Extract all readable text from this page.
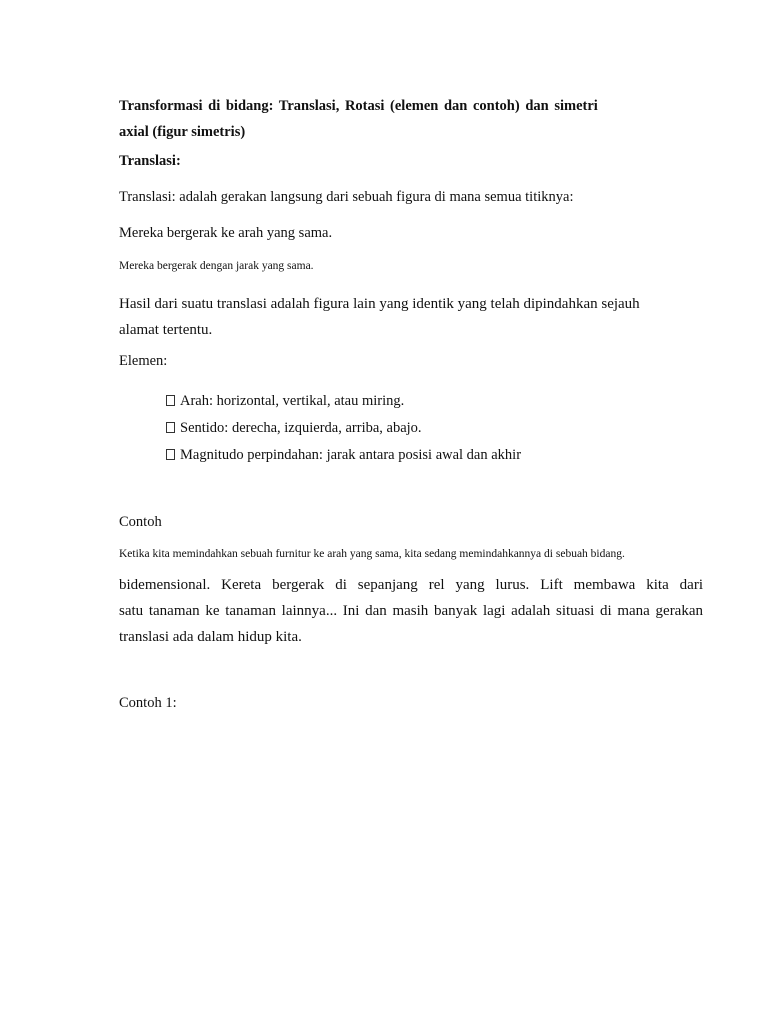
Transformasi di bidang: Translasi, Rotasi (elemen dan contoh) dan simetri
axial (figur simetris)
Translasi:
Translasi: adalah gerakan langsung dari sebuah figura di mana semua titiknya:
Mereka bergerak ke arah yang sama.
Mereka bergerak dengan jarak yang sama.
Hasil dari suatu translasi adalah figura lain yang identik yang telah dipindahkan sejauh
alamat tertentu.
Elemen:
Arah: horizontal, vertikal, atau miring.
Sentido: derecha, izquierda, arriba, abajo.
Magnitudo perpindahan: jarak antara posisi awal dan akhir
Contoh
Ketika kita memindahkan sebuah furnitur ke arah yang sama, kita sedang memindahkannya di sebuah bidang.
bidemensional. Kereta bergerak di sepanjang rel yang lurus. Lift membawa kita dari
satu tanaman ke tanaman lainnya... Ini dan masih banyak lagi adalah situasi di mana gerakan
translasi ada dalam hidup kita.
Contoh 1:
